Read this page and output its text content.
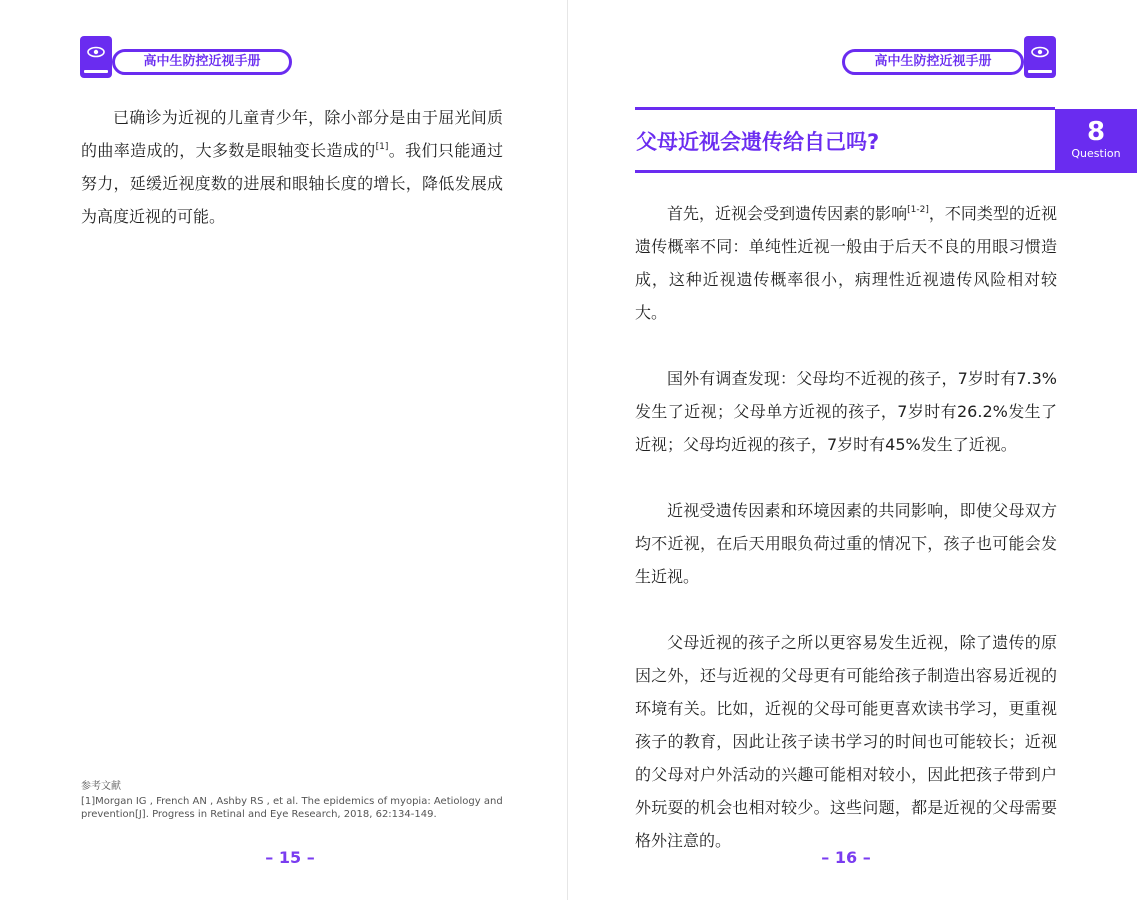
高中生防控近视手册

已确诊为近视的儿童青少年，除小部分是由于屈光间质的曲率造成的，大多数是眼轴变长造成的[1]。我们只能通过努力，延缓近视度数的进展和眼轴长度的增长，降低发展成为高度近视的可能。

参考文献
[1]Morgan IG , French AN , Ashby RS , et al. The epidemics of myopia: Aetiology and prevention[J]. Progress in Retinal and Eye Research, 2018, 62:134-149.
– 15 –
高中生防控近视手册
父母近视会遗传给自己吗?	8
Question

首先，近视会受到遗传因素的影响[1-2]，不同类型的近视遗传概率不同：单纯性近视一般由于后天不良的用眼习惯造成，这种近视遗传概率很小，病理性近视遗传风险相对较大。

国外有调查发现：父母均不近视的孩子，7岁时有7.3%发生了近视；父母单方近视的孩子，7岁时有26.2%发生了近视；父母均近视的孩子，7岁时有45%发生了近视。

近视受遗传因素和环境因素的共同影响，即使父母双方均不近视，在后天用眼负荷过重的情况下，孩子也可能会发生近视。

父母近视的孩子之所以更容易发生近视，除了遗传的原因之外，还与近视的父母更有可能给孩子制造出容易近视的环境有关。比如，近视的父母可能更喜欢读书学习，更重视孩子的教育，因此让孩子读书学习的时间也可能较长；近视的父母对户外活动的兴趣可能相对较小，因此把孩子带到户外玩耍的机会也相对较少。这些问题，都是近视的父母需要格外注意的。

– 16 –
